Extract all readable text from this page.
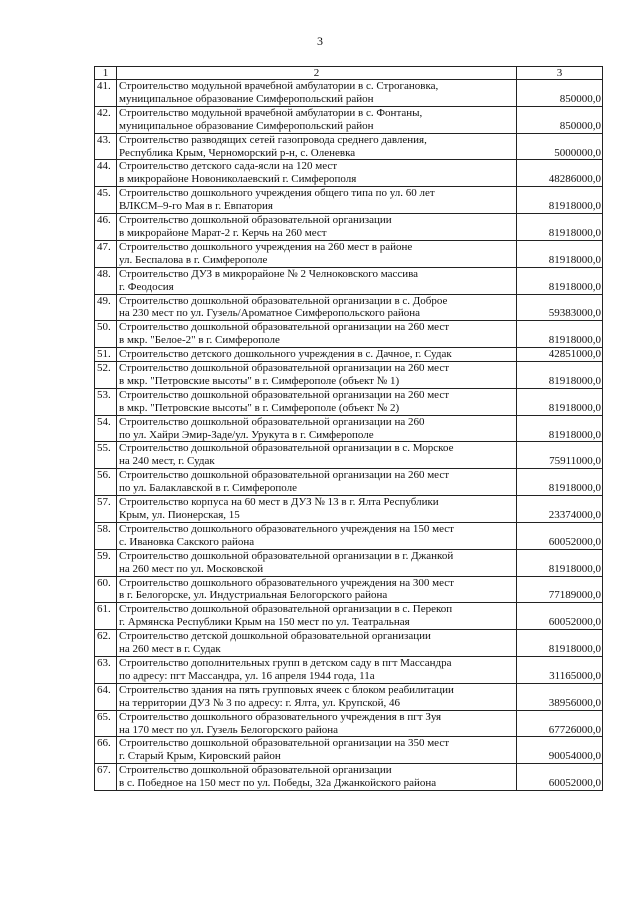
3
1	2	3
41.	Строительство модульной врачебной амбулатории в с. Строгановка,
муниципальное образование Симферопольский район	850000,0
42.	Строительство модульной врачебной амбулатории в с. Фонтаны,
муниципальное образование Симферопольский район	850000,0
43.	Строительство разводящих сетей газопровода среднего давления,
Республика Крым, Черноморский р-н, с. Оленевка	5000000,0
44.	Строительство детского сада-ясли на 120 мест
в микрорайоне Новониколаевский г. Симферополя	48286000,0
45.	Строительство дошкольного учреждения общего типа по ул. 60 лет
ВЛКСМ–9-го Мая в г. Евпатория	81918000,0
46.	Строительство дошкольной образовательной организации
в микрорайоне Марат-2 г. Керчь на 260 мест	81918000,0
47.	Строительство дошкольного учреждения на 260 мест в районе
ул. Беспалова в г. Симферополе	81918000,0
48.	Строительство ДУЗ в микрорайоне № 2 Челноковского массива
г. Феодосия	81918000,0
49.	Строительство дошкольной образовательной организации в с. Доброе
на 230 мест по ул. Гузель/Ароматное Симферопольского района	59383000,0
50.	Строительство дошкольной образовательной организации на 260 мест
в мкр. "Белое-2" в г. Симферополе	81918000,0
51.	Строительство детского дошкольного учреждения в с. Дачное, г. Судак	42851000,0
52.	Строительство дошкольной образовательной организации на 260 мест
в мкр. "Петровские высоты" в г. Симферополе (объект № 1)	81918000,0
53.	Строительство дошкольной образовательной организации на 260 мест
в мкр. "Петровские высоты" в г. Симферополе (объект № 2)	81918000,0
54.	Строительство дошкольной образовательной организации на 260
по ул. Хайри Эмир-Заде/ул. Урукута в г. Симферополе	81918000,0
55.	Строительство дошкольной образовательной организации в с. Морское
на 240 мест, г. Судак	75911000,0
56.	Строительство дошкольной образовательной организации на 260 мест
по ул. Балаклавской в г. Симферополе	81918000,0
57.	Строительство корпуса на 60 мест в ДУЗ № 13 в г. Ялта Республики
Крым, ул. Пионерская, 15	23374000,0
58.	Строительство дошкольного образовательного учреждения на 150 мест
с. Ивановка Сакского района	60052000,0
59.	Строительство дошкольной образовательной организации в г. Джанкой
на 260 мест по ул. Московской	81918000,0
60.	Строительство дошкольного образовательного учреждения на 300 мест
в г. Белогорске, ул. Индустриальная Белогорского района	77189000,0
61.	Строительство дошкольной образовательной организации в с. Перекоп
г. Армянска Республики Крым на 150 мест по ул. Театральная	60052000,0
62.	Строительство детской дошкольной образовательной организации
на 260 мест в г. Судак	81918000,0
63.	Строительство дополнительных групп в детском саду в пгт Массандра
по адресу: пгт Массандра, ул. 16 апреля 1944 года, 11а	31165000,0
64.	Строительство здания на пять групповых ячеек с блоком реабилитации
на территории ДУЗ № 3 по адресу: г. Ялта, ул. Крупской, 46	38956000,0
65.	Строительство дошкольного образовательного учреждения в пгт Зуя
на 170 мест по ул. Гузель Белогорского района	67726000,0
66.	Строительство дошкольной образовательной организации на 350 мест
г. Старый Крым, Кировский район	90054000,0
67.	Строительство дошкольной образовательной организации
в с. Победное на 150 мест по ул. Победы, 32а Джанкойского района	60052000,0
